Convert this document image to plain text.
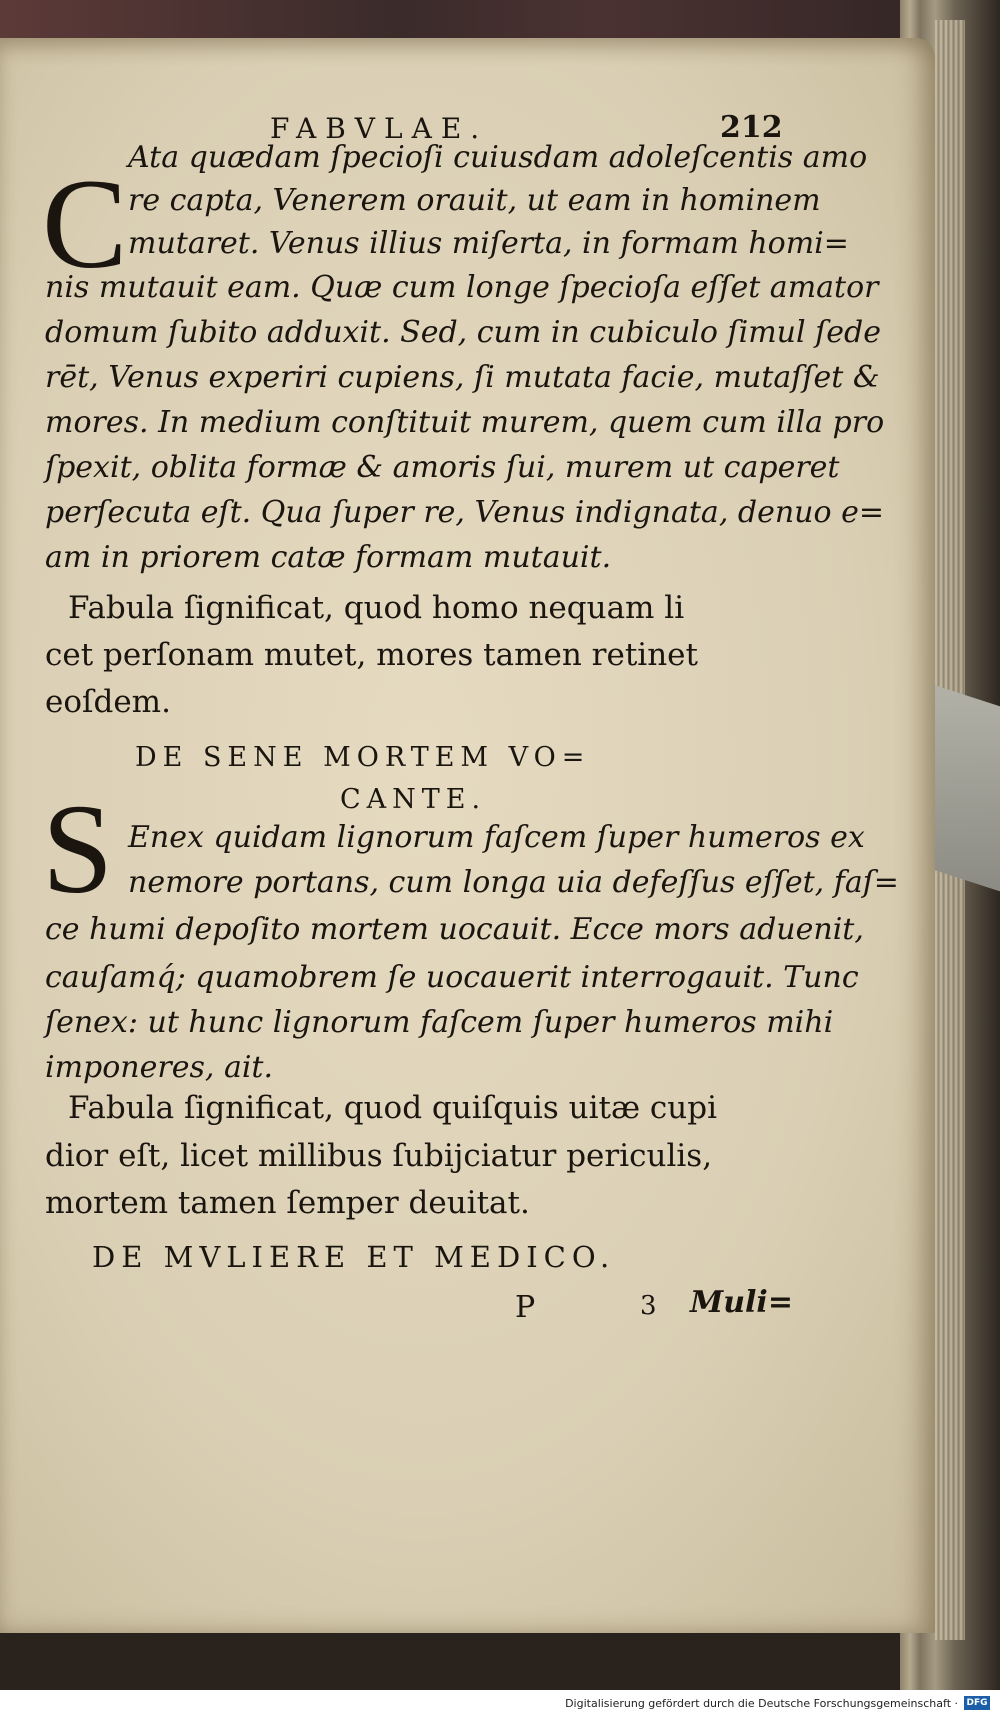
FABVLAE.	212
C Ata quædam ſpecioſi cuiusdam adoleſcentis amo
re capta, Venerem orauit, ut eam in hominem
mutaret. Venus illius miſerta, in formam homi=
nis mutauit eam. Quæ cum longe ſpecioſa eſſet amator
domum ſubito adduxit. Sed, cum in cubiculo ſimul ſede
rēt, Venus experiri cupiens, ſi mutata facie, mutaſſet &
mores. In medium conſtituit murem, quem cum illa pro
ſpexit, oblita formæ & amoris ſui, murem ut caperet
perſecuta eſt. Qua ſuper re, Venus indignata, denuo e=
am in priorem catæ formam mutauit.
Fabula ſignificat, quod homo nequam li
cet perſonam mutet, mores tamen retinet
eoſdem.
DE SENE MORTEM VO=
CANTE.
S Enex quidam lignorum faſcem ſuper humeros ex
nemore portans, cum longa uia defeſſus eſſet, faſ=
ce humi depoſito mortem uocauit. Ecce mors aduenit,
cauſamq́; quamobrem ſe uocauerit interrogauit. Tunc
ſenex: ut hunc lignorum faſcem ſuper humeros mihi
imponeres, ait.
Fabula ſignificat, quod quiſquis uitæ cupi
dior eſt, licet millibus ſubijciatur periculis,
mortem tamen ſemper deuitat.
DE MVLIERE ET MEDICO.
P	3 Muli=
Digitalisierung gefördert durch die Deutsche Forschungsgemeinschaft · DFG
